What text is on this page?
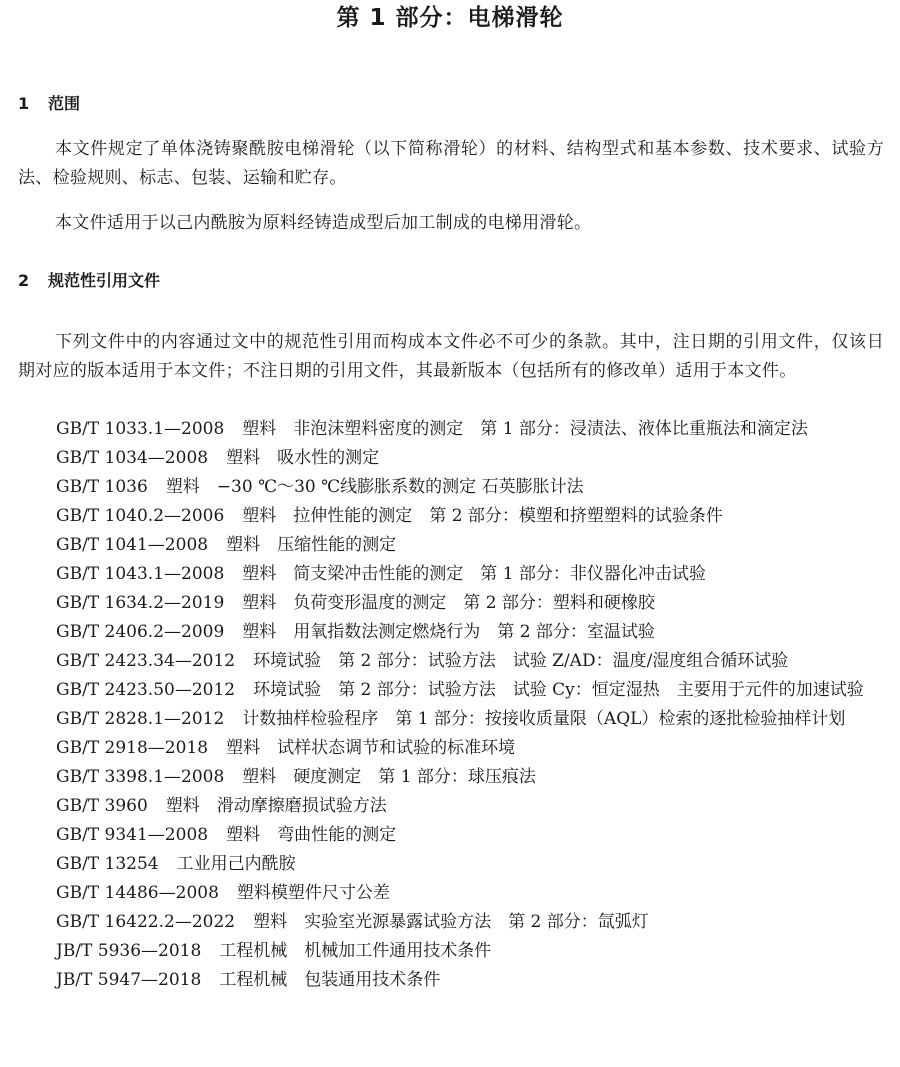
第 1 部分：电梯滑轮
1 范围

本文件规定了单体浇铸聚酰胺电梯滑轮（以下简称滑轮）的材料、结构型式和基本参数、技术要求、试验方法、检验规则、标志、包装、运输和贮存。

本文件适用于以己内酰胺为原料经铸造成型后加工制成的电梯用滑轮。

2 规范性引用文件

下列文件中的内容通过文中的规范性引用而构成本文件必不可少的条款。其中，注日期的引用文件，仅该日期对应的版本适用于本文件；不注日期的引用文件，其最新版本（包括所有的修改单）适用于本文件。

GB/T 1033.1—2008 塑料　非泡沫塑料密度的测定　第 1 部分：浸渍法、液体比重瓶法和滴定法
GB/T 1034—2008 塑料　吸水性的测定
GB/T 1036 塑料　−30 ℃～30 ℃线膨胀系数的测定 石英膨胀计法
GB/T 1040.2—2006 塑料　拉伸性能的测定　第 2 部分：模塑和挤塑塑料的试验条件
GB/T 1041—2008 塑料　压缩性能的测定
GB/T 1043.1—2008 塑料　简支梁冲击性能的测定　第 1 部分：非仪器化冲击试验
GB/T 1634.2—2019 塑料　负荷变形温度的测定　第 2 部分：塑料和硬橡胶
GB/T 2406.2—2009 塑料　用氧指数法测定燃烧行为　第 2 部分：室温试验
GB/T 2423.34—2012 环境试验　第 2 部分：试验方法　试验 Z/AD：温度/湿度组合循环试验
GB/T 2423.50—2012 环境试验　第 2 部分：试验方法　试验 Cy：恒定湿热　主要用于元件的加速试验
GB/T 2828.1—2012 计数抽样检验程序　第 1 部分：按接收质量限（AQL）检索的逐批检验抽样计划
GB/T 2918—2018 塑料　试样状态调节和试验的标准环境
GB/T 3398.1—2008 塑料　硬度测定　第 1 部分：球压痕法
GB/T 3960 塑料　滑动摩擦磨损试验方法
GB/T 9341—2008 塑料　弯曲性能的测定
GB/T 13254 工业用己内酰胺
GB/T 14486—2008 塑料模塑件尺寸公差
GB/T 16422.2—2022 塑料　实验室光源暴露试验方法　第 2 部分：氙弧灯
JB/T 5936—2018 工程机械　机械加工件通用技术条件
JB/T 5947—2018 工程机械　包装通用技术条件
